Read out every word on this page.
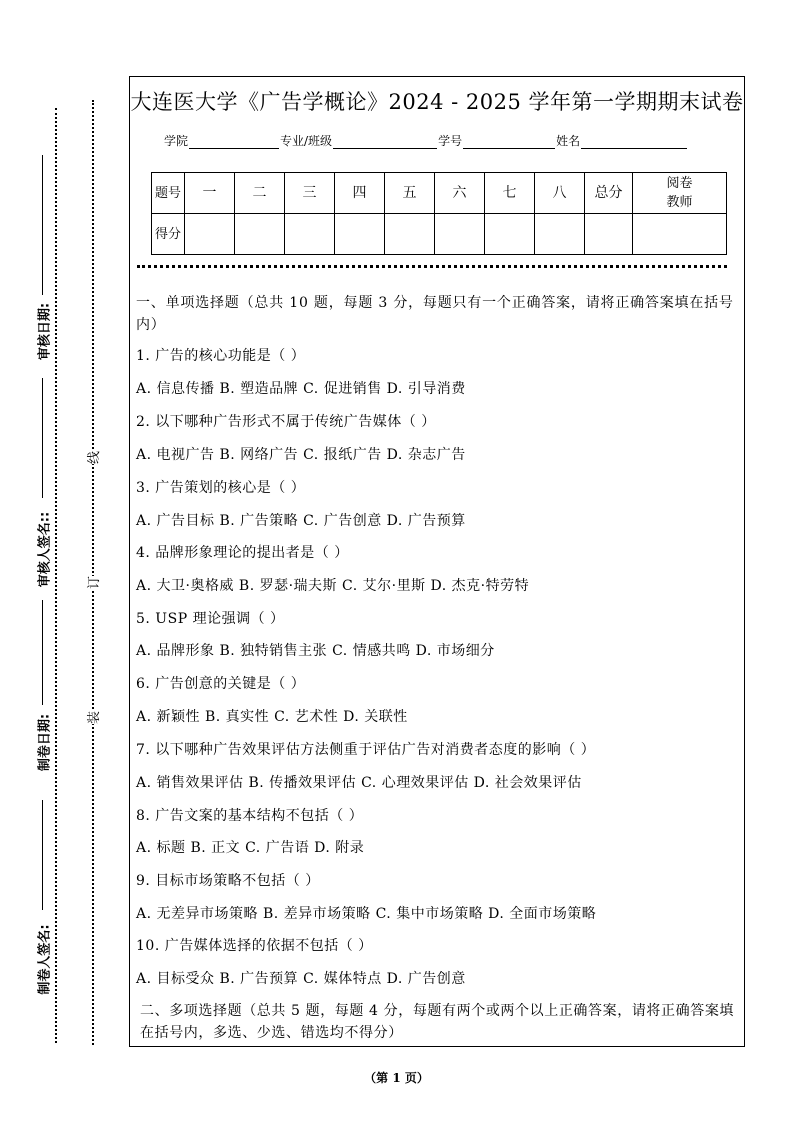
审核日期:
审核人签名::
制卷日期:
制卷人签名:
线
订
装
大连医大学《广告学概论》2024 - 2025 学年第一学期期末试卷
学院	专业/班级	学号	姓名
题号	一	二	三	四	五	六	七	八	总分	阅卷教师
得分										
一、单项选择题（总共 10 题，每题 3 分，每题只有一个正确答案，请将正确答案填在括号内）
1. 广告的核心功能是（ ）
A. 信息传播 B. 塑造品牌 C. 促进销售 D. 引导消费
2. 以下哪种广告形式不属于传统广告媒体（ ）
A. 电视广告 B. 网络广告 C. 报纸广告 D. 杂志广告
3. 广告策划的核心是（ ）
A. 广告目标 B. 广告策略 C. 广告创意 D. 广告预算
4. 品牌形象理论的提出者是（ ）
A. 大卫·奥格威 B. 罗瑟·瑞夫斯 C. 艾尔·里斯 D. 杰克·特劳特
5. USP 理论强调（ ）
A. 品牌形象 B. 独特销售主张 C. 情感共鸣 D. 市场细分
6. 广告创意的关键是（ ）
A. 新颖性 B. 真实性 C. 艺术性 D. 关联性
7. 以下哪种广告效果评估方法侧重于评估广告对消费者态度的影响（ ）
A. 销售效果评估 B. 传播效果评估 C. 心理效果评估 D. 社会效果评估
8. 广告文案的基本结构不包括（ ）
A. 标题 B. 正文 C. 广告语 D. 附录
9. 目标市场策略不包括（ ）
A. 无差异市场策略 B. 差异市场策略 C. 集中市场策略 D. 全面市场策略
10. 广告媒体选择的依据不包括（ ）
A. 目标受众 B. 广告预算 C. 媒体特点 D. 广告创意
二、多项选择题（总共 5 题，每题 4 分，每题有两个或两个以上正确答案，请将正确答案填在括号内，多选、少选、错选均不得分）
（第 1 页）
